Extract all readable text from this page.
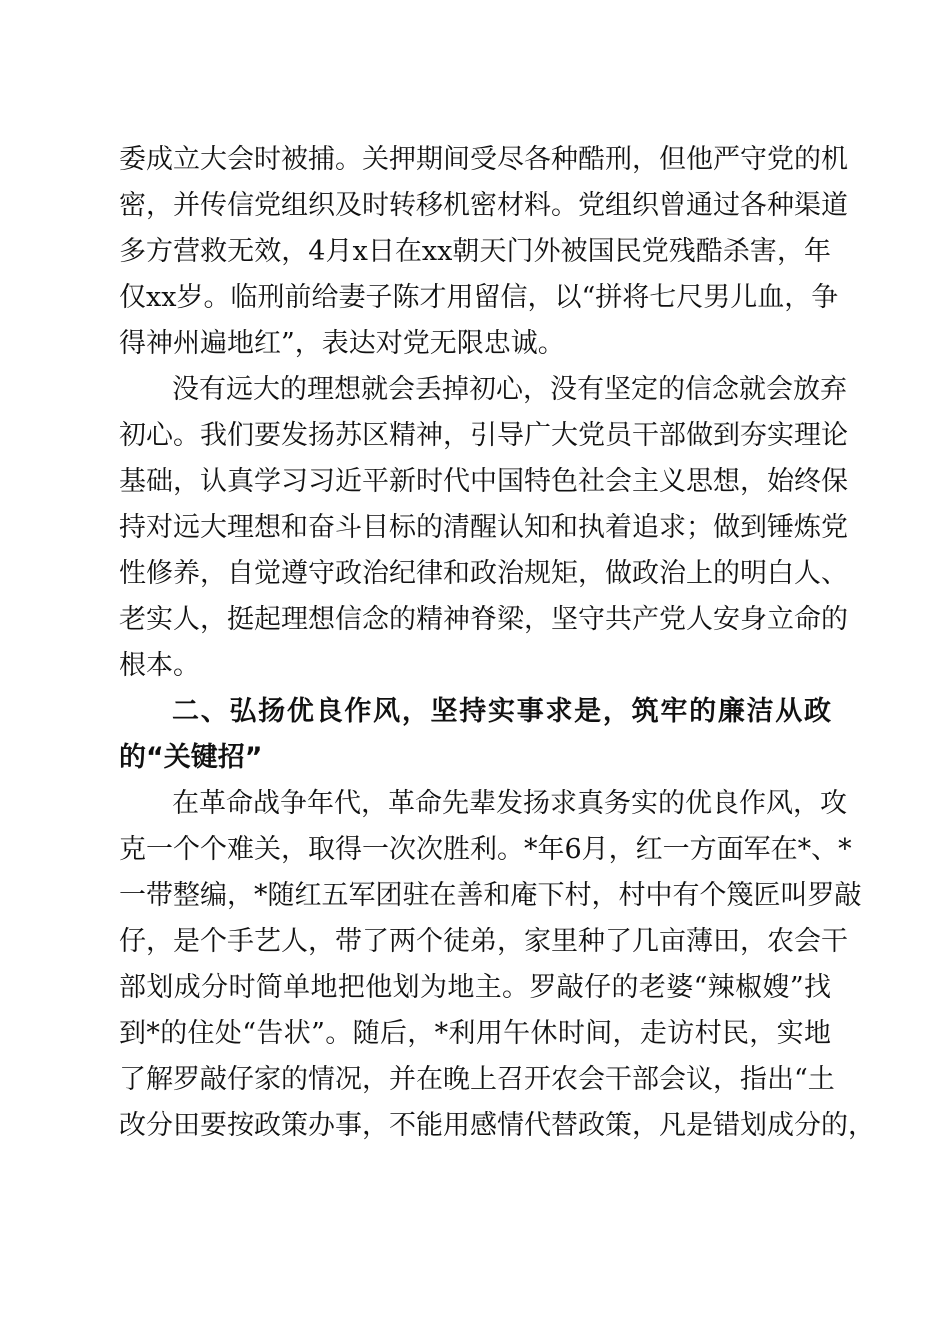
委成立大会时被捕。关押期间受尽各种酷刑，但他严守党的机
密，并传信党组织及时转移机密材料。党组织曾通过各种渠道
多方营救无效，4月x日在xx朝天门外被国民党残酷杀害，年
仅xx岁。临刑前给妻子陈才用留信，以“拼将七尺男儿血，争
得神州遍地红”，表达对党无限忠诚。
没有远大的理想就会丢掉初心，没有坚定的信念就会放弃
初心。我们要发扬苏区精神，引导广大党员干部做到夯实理论
基础，认真学习习近平新时代中国特色社会主义思想，始终保
持对远大理想和奋斗目标的清醒认知和执着追求；做到锤炼党
性修养，自觉遵守政治纪律和政治规矩，做政治上的明白人、
老实人，挺起理想信念的精神脊梁，坚守共产党人安身立命的
根本。
二、弘扬优良作风，坚持实事求是，筑牢的廉洁从政
的“关键招”
在革命战争年代，革命先辈发扬求真务实的优良作风，攻
克一个个难关，取得一次次胜利。*年6月，红一方面军在*、*
一带整编，*随红五军团驻在善和庵下村，村中有个篾匠叫罗敲
仔，是个手艺人，带了两个徒弟，家里种了几亩薄田，农会干
部划成分时简单地把他划为地主。罗敲仔的老婆“辣椒嫂”找
到*的住处“告状”。随后，*利用午休时间，走访村民，实地
了解罗敲仔家的情况，并在晚上召开农会干部会议，指出“土
改分田要按政策办事，不能用感情代替政策，凡是错划成分的，
